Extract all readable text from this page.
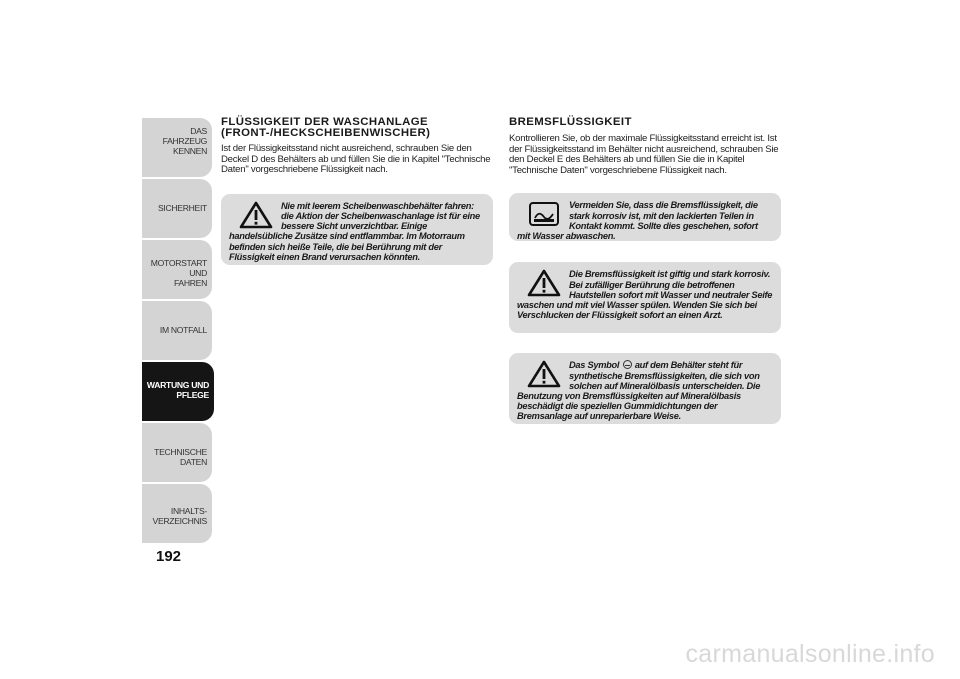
DAS FAHRZEUG
KENNEN
SICHERHEIT
MOTORSTART UND
FAHREN
IM NOTFALL
WARTUNG UND
PFLEGE
TECHNISCHE DATEN
INHALTS-
VERZEICHNIS
192
FLÜSSIGKEIT DER WASCHANLAGE
(FRONT-/HECKSCHEIBENWISCHER)

Ist der Flüssigkeitsstand nicht ausreichend, schrauben Sie den Deckel D des Behälters ab und füllen Sie die in Kapitel "Technische Daten" vorgeschriebene Flüssigkeit nach.

Nie mit leerem Scheibenwaschbehälter fahren: die Aktion der Scheibenwaschanlage ist für eine bessere Sicht unverzichtbar. Einige handelsübliche Zusätze sind entflammbar. Im Motorraum befinden sich heiße Teile, die bei Berührung mit der Flüssigkeit einen Brand verursachen könnten.
BREMSFLÜSSIGKEIT

Kontrollieren Sie, ob der maximale Flüssigkeitsstand erreicht ist. Ist der Flüssigkeitsstand im Behälter nicht ausreichend, schrauben Sie den Deckel E des Behälters ab und füllen Sie die in Kapitel "Technische Daten" vorgeschriebene Flüssigkeit nach.

Vermeiden Sie, dass die Bremsflüssigkeit, die stark korrosiv ist, mit den lackierten Teilen in Kontakt kommt. Sollte dies geschehen, sofort mit Wasser abwaschen.
Die Bremsflüssigkeit ist giftig und stark korrosiv. Bei zufälliger Berührung die betroffenen Hautstellen sofort mit Wasser und neutraler Seife waschen und mit viel Wasser spülen. Wenden Sie sich bei Verschlucken der Flüssigkeit sofort an einen Arzt.
Das Symbol auf dem Behälter steht für synthetische Bremsflüssigkeiten, die sich von solchen auf Mineralölbasis unterscheiden. Die Benutzung von Bremsflüssigkeiten auf Mineralölbasis beschädigt die speziellen Gummidichtungen der Bremsanlage auf unreparierbare Weise.
carmanualsonline.info
